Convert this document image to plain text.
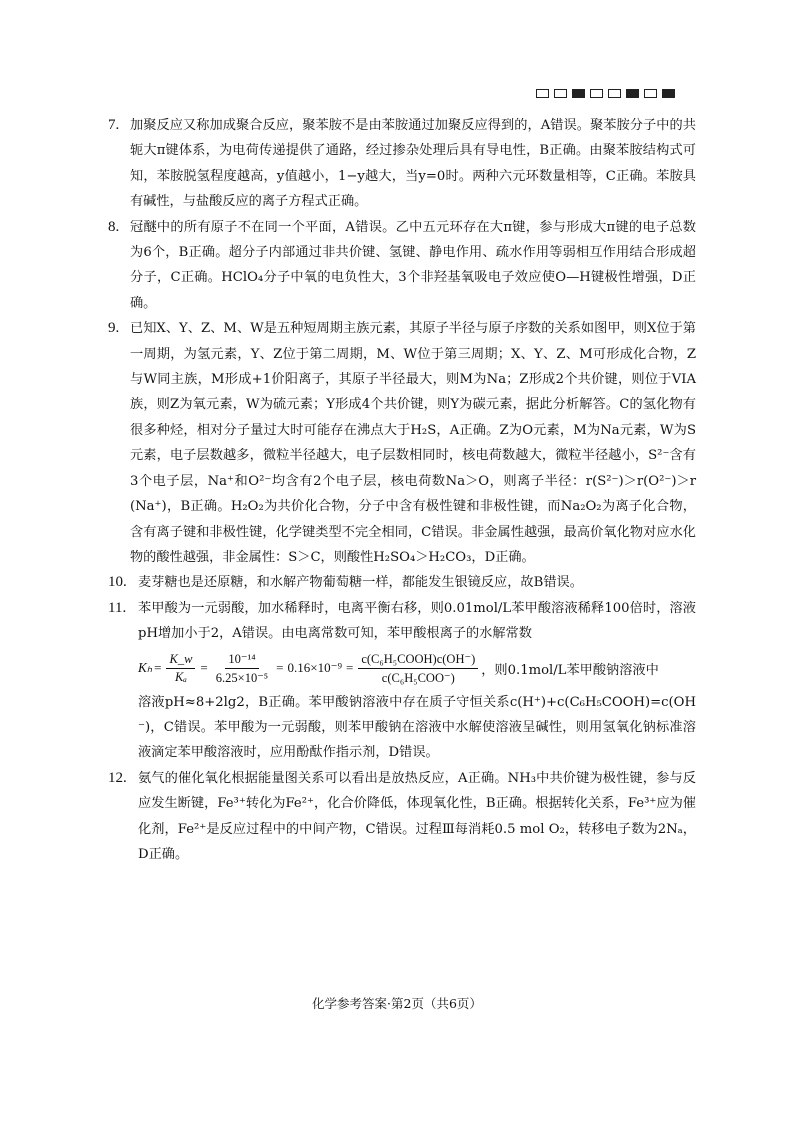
7. 加聚反应又称加成聚合反应，聚苯胺不是由苯胺通过加聚反应得到的，A错误。聚苯胺分子中的共轭大π键体系，为电荷传递提供了通路，经过掺杂处理后具有导电性，B正确。由聚苯胺结构式可知，苯胺脱氢程度越高，y值越小，1−y越大，当y=0时。两种六元环数量相等，C正确。苯胺具有碱性，与盐酸反应的离子方程式正确。

8. 冠醚中的所有原子不在同一个平面，A错误。乙中五元环存在大π键，参与形成大π键的电子总数为6个，B正确。超分子内部通过非共价键、氢键、静电作用、疏水作用等弱相互作用结合形成超分子，C正确。HClO₄分子中氧的电负性大，3个非羟基氧吸电子效应使O—H键极性增强，D正确。

9. 已知X、Y、Z、M、W是五种短周期主族元素，其原子半径与原子序数的关系如图甲，则X位于第一周期，为氢元素，Y、Z位于第二周期，M、W位于第三周期；X、Y、Z、M可形成化合物，Z与W同主族，M形成+1价阳离子，其原子半径最大，则M为Na；Z形成2个共价键，则位于VIA族，则Z为氧元素，W为硫元素；Y形成4个共价键，则Y为碳元素，据此分析解答。C的氢化物有很多种烃，相对分子量过大时可能存在沸点大于H₂S，A正确。Z为O元素，M为Na元素，W为S元素，电子层数越多，微粒半径越大，电子层数相同时，核电荷数越大，微粒半径越小，S²⁻含有3个电子层，Na⁺和O²⁻均含有2个电子层，核电荷数Na＞O，则离子半径：r(S²⁻)＞r(O²⁻)＞r(Na⁺)，B正确。H₂O₂为共价化合物，分子中含有极性键和非极性键，而Na₂O₂为离子化合物，含有离子键和非极性键，化学键类型不完全相同，C错误。非金属性越强，最高价氧化物对应水化物的酸性越强，非金属性：S＞C，则酸性H₂SO₄＞H₂CO₃，D正确。

10. 麦芽糖也是还原糖，和水解产物葡萄糖一样，都能发生银镜反应，故B错误。

11. 苯甲酸为一元弱酸，加水稀释时，电离平衡右移，则0.01mol/L苯甲酸溶液稀释100倍时，溶液pH增加小于2，A错误。由电离常数可知，苯甲酸根离子的水解常数

$K_h = \frac{K\_w}{\text{Kₐ}} = \frac{\text{10⁻¹⁴}}{\text{6.25×10⁻⁵}} = 0.16\times 10^{-9} = \frac{\text{c(C₆H₅COOH)c(OH⁻)}}{\text{c(C₆H₅COO⁻)}}$ ，则0.1mol/L苯甲酸钠溶液中

溶液pH≈8+2lg2，B正确。苯甲酸钠溶液中存在质子守恒关系c(H⁺)+c(C₆H₅COOH)=c(OH⁻)，C错误。苯甲酸为一元弱酸，则苯甲酸钠在溶液中水解使溶液呈碱性，则用氢氧化钠标准溶液滴定苯甲酸溶液时，应用酚酞作指示剂，D错误。

12. 氨气的催化氧化根据能量图关系可以看出是放热反应，A正确。NH₃中共价键为极性键，参与反应发生断键，Fe³⁺转化为Fe²⁺，化合价降低，体现氧化性，B正确。根据转化关系，Fe³⁺应为催化剂，Fe²⁺是反应过程中的中间产物，C错误。过程Ⅲ每消耗0.5 mol O₂，转移电子数为2Nₐ，D正确。

化学参考答案·第2页（共6页）
